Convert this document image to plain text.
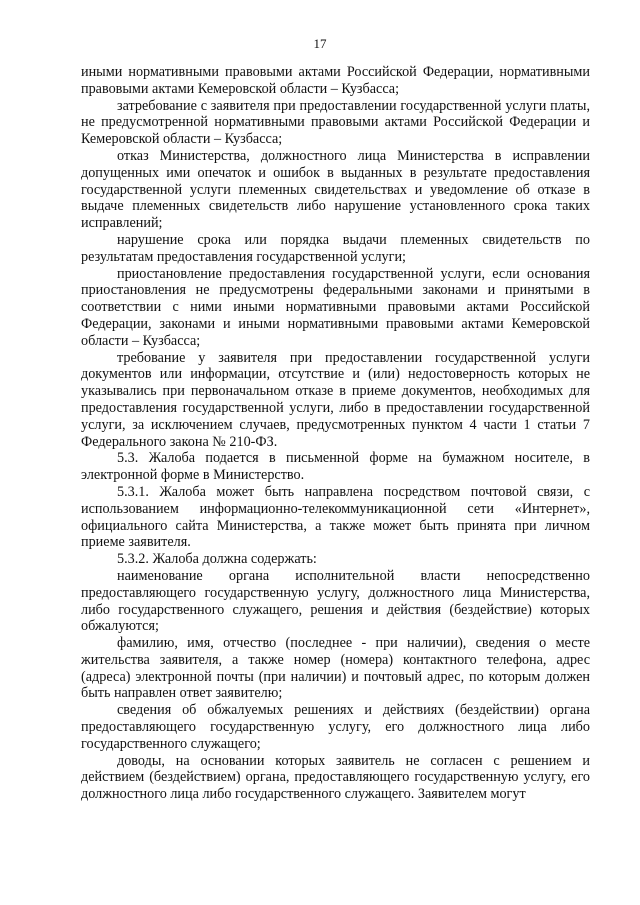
17

иными нормативными правовыми актами Российской Федерации, нормативными правовыми актами Кемеровской области – Кузбасса;

затребование с заявителя при предоставлении государственной услуги платы, не предусмотренной нормативными правовыми актами Российской Федерации и Кемеровской области – Кузбасса;

отказ Министерства, должностного лица Министерства в исправлении допущенных ими опечаток и ошибок в выданных в результате предоставления государственной услуги племенных свидетельствах и уведомление об отказе в выдаче племенных свидетельств либо нарушение установленного срока таких исправлений;

нарушение срока или порядка выдачи племенных свидетельств по результатам предоставления государственной услуги;

приостановление предоставления государственной услуги, если основания приостановления не предусмотрены федеральными законами и принятыми в соответствии с ними иными нормативными правовыми актами Российской Федерации, законами и иными нормативными правовыми актами Кемеровской области – Кузбасса;

требование у заявителя при предоставлении государственной услуги документов или информации, отсутствие и (или) недостоверность которых не указывались при первоначальном отказе в приеме документов, необходимых для предоставления государственной услуги, либо в предоставлении государственной услуги, за исключением случаев, предусмотренных пунктом 4 части 1 статьи 7 Федерального закона № 210-ФЗ.

5.3. Жалоба подается в письменной форме на бумажном носителе, в электронной форме в Министерство.

5.3.1. Жалоба может быть направлена посредством почтовой связи, с использованием информационно-телекоммуникационной сети «Интернет», официального сайта Министерства, а также может быть принята при личном приеме заявителя.

5.3.2. Жалоба должна содержать:

наименование органа исполнительной власти непосредственно предоставляющего государственную услугу, должностного лица Министерства, либо государственного служащего, решения и действия (бездействие) которых обжалуются;

фамилию, имя, отчество (последнее - при наличии), сведения о месте жительства заявителя, а также номер (номера) контактного телефона, адрес (адреса) электронной почты (при наличии) и почтовый адрес, по которым должен быть направлен ответ заявителю;

сведения об обжалуемых решениях и действиях (бездействии) органа предоставляющего государственную услугу, его должностного лица либо государственного служащего;

доводы, на основании которых заявитель не согласен с решением и действием (бездействием) органа, предоставляющего государственную услугу, его должностного лица либо государственного служащего. Заявителем могут
